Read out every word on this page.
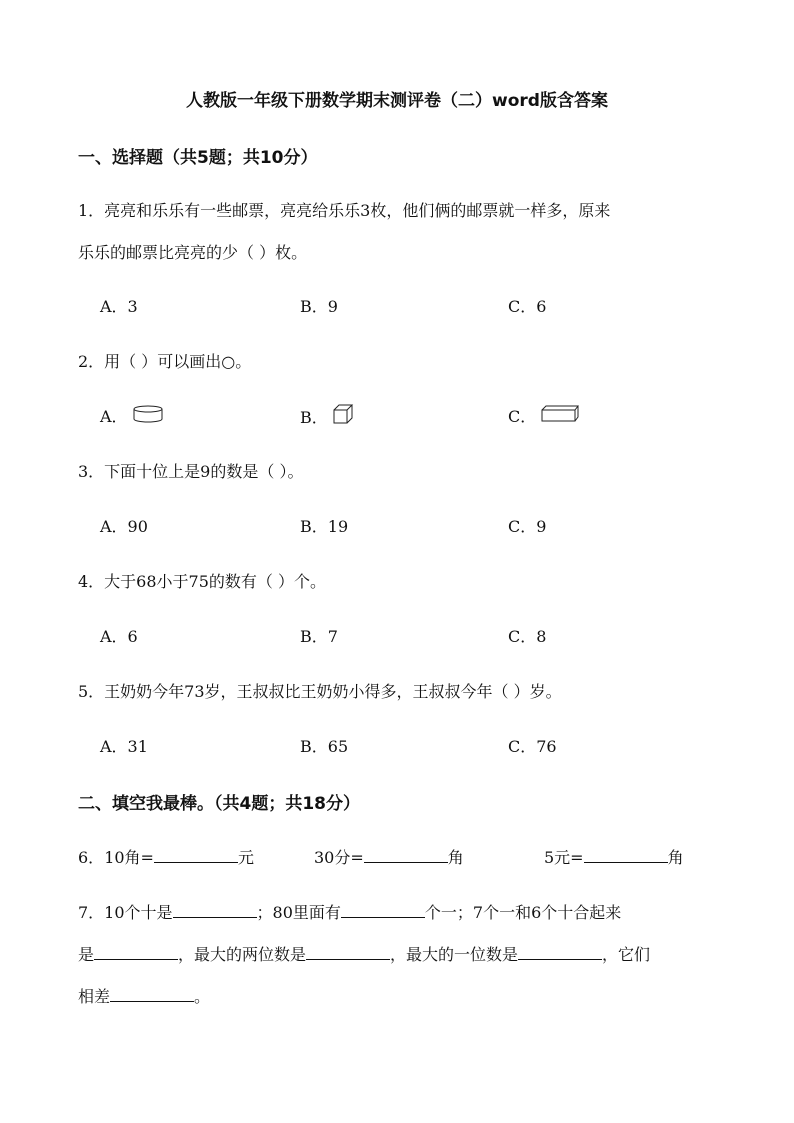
人教版一年级下册数学期末测评卷（二）word版含答案
一、选择题（共5题；共10分）
1．亮亮和乐乐有一些邮票，亮亮给乐乐3枚，他们俩的邮票就一样多，原来
乐乐的邮票比亮亮的少（ ）枚。
A．3	B．9	C．6
2．用（ ）可以画出○。
A．	B．	C．
3．下面十位上是9的数是（ ）。
A．90	B．19	C．9
4．大于68小于75的数有（ ）个。
A．6	B．7	C．8
5．王奶奶今年73岁，王叔叔比王奶奶小得多，王叔叔今年（ ）岁。
A．31	B．65	C．76
二、填空我最棒。（共4题；共18分）
6．10角=	元	30分=	角	5元=	角
7．10个十是	；80里面有	个一；7个一和6个十合起来
是	，最大的两位数是	，最大的一位数是	，它们
相差	。
